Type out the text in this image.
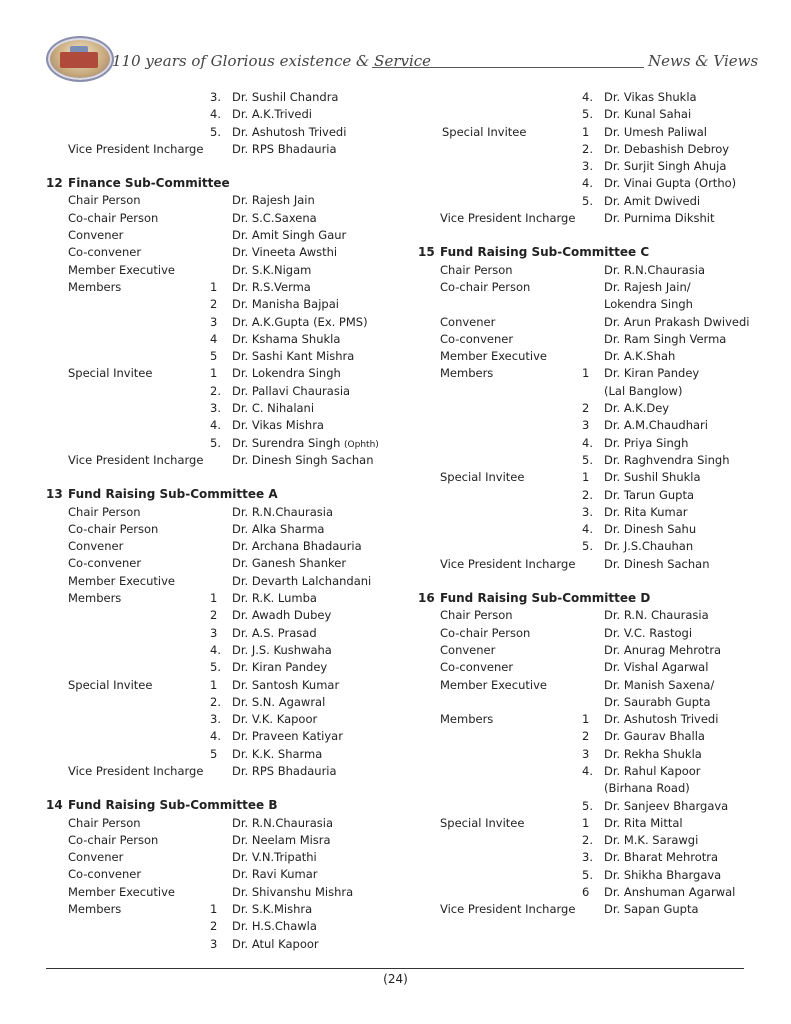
110 years of Glorious existence & Service	News & Views
3. Dr. Sushil Chandra
4. Dr. A.K.Trivedi
5. Dr. Ashutosh Trivedi
Vice President Incharge Dr. RPS Bhadauria
12 Finance Sub-Committee
Chair Person	Dr. Rajesh Jain
Co-chair Person	Dr. S.C.Saxena
Convener	Dr. Amit Singh Gaur
Co-convener	Dr. Vineeta Awsthi
Member Executive	Dr. S.K.Nigam
Members	1 Dr. R.S.Verma
2 Dr. Manisha Bajpai
3 Dr. A.K.Gupta (Ex. PMS)
4 Dr. Kshama Shukla
5 Dr. Sashi Kant Mishra
Special Invitee	1 Dr. Lokendra Singh
2. Dr. Pallavi Chaurasia
3. Dr. C. Nihalani
4. Dr. Vikas Mishra
5. Dr. Surendra Singh (Ophth)
Vice President Incharge Dr. Dinesh Singh Sachan
13 Fund Raising Sub-Committee A
Chair Person	Dr. R.N.Chaurasia
Co-chair Person	Dr. Alka Sharma
Convener	Dr. Archana Bhadauria
Co-convener	Dr. Ganesh Shanker
Member Executive	Dr. Devarth Lalchandani
Members	1 Dr. R.K. Lumba
2 Dr. Awadh Dubey
3 Dr. A.S. Prasad
4. Dr. J.S. Kushwaha
5. Dr. Kiran Pandey
Special Invitee	1 Dr. Santosh Kumar
2. Dr. S.N. Agawral
3. Dr. V.K. Kapoor
4. Dr. Praveen Katiyar
5 Dr. K.K. Sharma
Vice President Incharge Dr. RPS Bhadauria
14 Fund Raising Sub-Committee B
Chair Person	Dr. R.N.Chaurasia
Co-chair Person	Dr. Neelam Misra
Convener	Dr. V.N.Tripathi
Co-convener	Dr. Ravi Kumar
Member Executive	Dr. Shivanshu Mishra
Members	1 Dr. S.K.Mishra
2 Dr. H.S.Chawla
3 Dr. Atul Kapoor
4. Dr. Vikas Shukla
5. Dr. Kunal Sahai
Special Invitee	1 Dr. Umesh Paliwal
2. Dr. Debashish Debroy
3. Dr. Surjit Singh Ahuja
4. Dr. Vinai Gupta (Ortho)
5. Dr. Amit Dwivedi
Vice President Incharge Dr. Purnima Dikshit
15 Fund Raising Sub-Committee C
Chair Person	Dr. R.N.Chaurasia
Co-chair Person	Dr. Rajesh Jain/
Lokendra Singh
Convener	Dr. Arun Prakash Dwivedi
Co-convener	Dr. Ram Singh Verma
Member Executive	Dr. A.K.Shah
Members	1 Dr. Kiran Pandey
(Lal Banglow)
2 Dr. A.K.Dey
3 Dr. A.M.Chaudhari
4. Dr. Priya Singh
5. Dr. Raghvendra Singh
Special Invitee	1 Dr. Sushil Shukla
2. Dr. Tarun Gupta
3. Dr. Rita Kumar
4. Dr. Dinesh Sahu
5. Dr. J.S.Chauhan
Vice President Incharge Dr. Dinesh Sachan
16 Fund Raising Sub-Committee D
Chair Person	Dr. R.N. Chaurasia
Co-chair Person	Dr. V.C. Rastogi
Convener	Dr. Anurag Mehrotra
Co-convener	Dr. Vishal Agarwal
Member Executive	Dr. Manish Saxena/
Dr. Saurabh Gupta
Members	1 Dr. Ashutosh Trivedi
2 Dr. Gaurav Bhalla
3 Dr. Rekha Shukla
4. Dr. Rahul Kapoor
(Birhana Road)
5. Dr. Sanjeev Bhargava
Special Invitee	1 Dr. Rita Mittal
2. Dr. M.K. Sarawgi
3. Dr. Bharat Mehrotra
5. Dr. Shikha Bhargava
6 Dr. Anshuman Agarwal
Vice President Incharge Dr. Sapan Gupta
(24)
